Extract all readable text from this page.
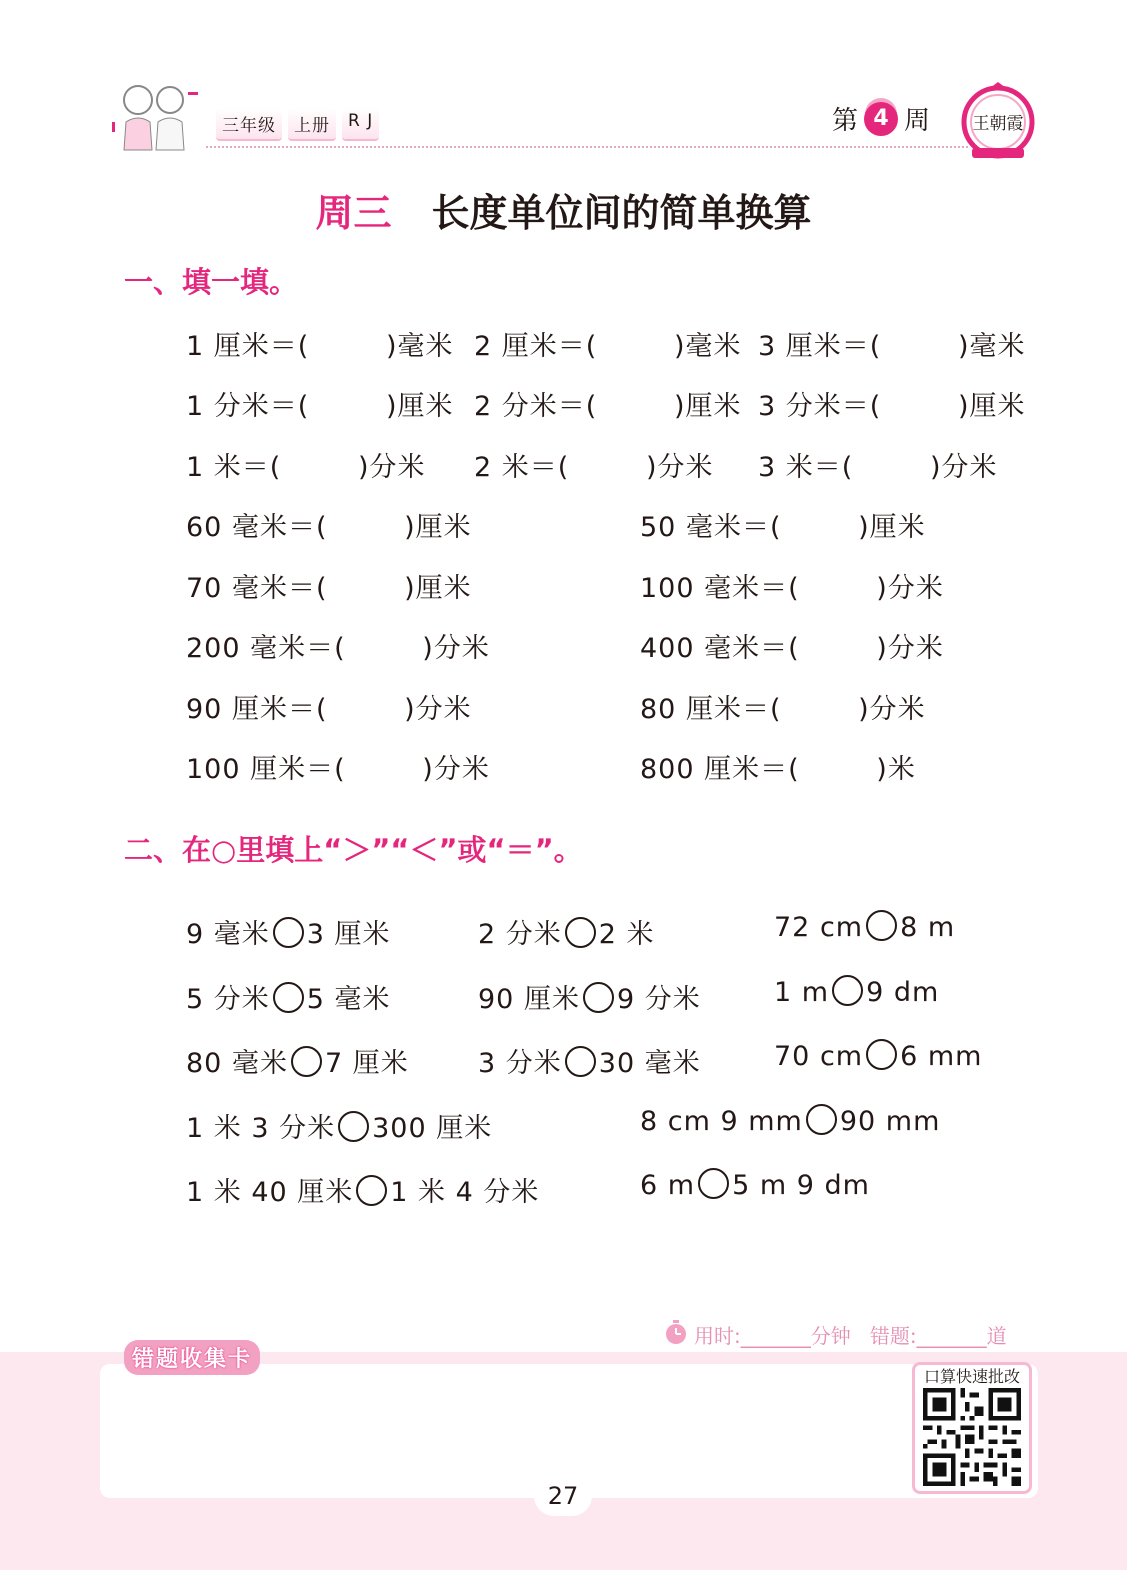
三年级	上册	R J	第 4 周 王朝霞
周三 长度单位间的简单换算
一、填一填。
1 厘米＝(        )毫米 2 厘米＝(        )毫米 3 厘米＝(        )毫米
1 分米＝(        )厘米 2 分米＝(        )厘米 3 分米＝(        )厘米
1 米＝(        )分米 2 米＝(        )分米 3 米＝(        )分米
60 毫米＝(        )厘米	50 毫米＝(        )厘米
70 毫米＝(        )厘米	100 毫米＝(        )分米
200 毫米＝(        )分米	400 毫米＝(        )分米
90 厘米＝(        )分米	80 厘米＝(        )分米
100 厘米＝(        )分米	800 厘米＝(        )米
二、在○里填上“＞”“＜”或“＝”。
9 毫米 3 厘米	2 分米 2 米	72 cm 8 m
5 分米 5 毫米	90 厘米 9 分米	1 m 9 dm
80 毫米 7 厘米	3 分米 30 毫米	70 cm 6 mm
1 米 3 分米 300 厘米	8 cm 9 mm 90 mm
1 米 40 厘米 1 米 4 分米	6 m 5 m 9 dm
用时:_______分钟 错题:_______道
错题收集卡
口算快速批改
27
